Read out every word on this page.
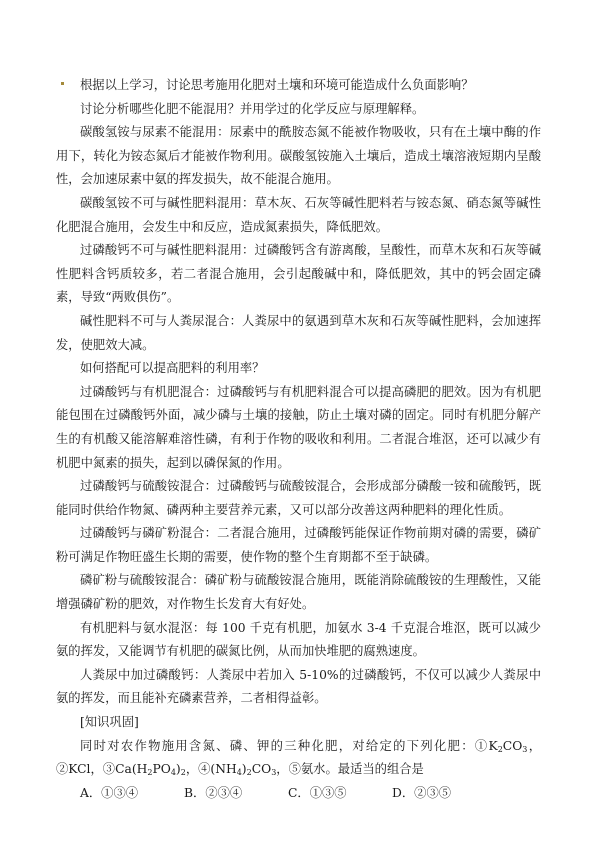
根据以上学习，讨论思考施用化肥对土壤和环境可能造成什么负面影响？

讨论分析哪些化肥不能混用？并用学过的化学反应与原理解释。

碳酸氢铵与尿素不能混用：尿素中的酰胺态氮不能被作物吸收，只有在土壤中酶的作用下，转化为铵态氮后才能被作物利用。碳酸氢铵施入土壤后，造成土壤溶液短期内呈酸性，会加速尿素中氨的挥发损失，故不能混合施用。

碳酸氢铵不可与碱性肥料混用：草木灰、石灰等碱性肥料若与铵态氮、硝态氮等碱性化肥混合施用，会发生中和反应，造成氮素损失，降低肥效。

过磷酸钙不可与碱性肥料混用：过磷酸钙含有游离酸，呈酸性，而草木灰和石灰等碱性肥料含钙质较多，若二者混合施用，会引起酸碱中和，降低肥效，其中的钙会固定磷素，导致“两败俱伤”。

碱性肥料不可与人粪尿混合：人粪尿中的氨遇到草木灰和石灰等碱性肥料，会加速挥发，使肥效大减。

如何搭配可以提高肥料的利用率？

过磷酸钙与有机肥混合：过磷酸钙与有机肥料混合可以提高磷肥的肥效。因为有机肥能包围在过磷酸钙外面，减少磷与土壤的接触，防止土壤对磷的固定。同时有机肥分解产生的有机酸又能溶解难溶性磷，有利于作物的吸收和利用。二者混合堆沤，还可以减少有机肥中氮素的损失，起到以磷保氮的作用。

过磷酸钙与硫酸铵混合：过磷酸钙与硫酸铵混合，会形成部分磷酸一铵和硫酸钙，既能同时供给作物氮、磷两种主要营养元素，又可以部分改善这两种肥料的理化性质。

过磷酸钙与磷矿粉混合：二者混合施用，过磷酸钙能保证作物前期对磷的需要，磷矿粉可满足作物旺盛生长期的需要，使作物的整个生育期都不至于缺磷。

磷矿粉与硫酸铵混合：磷矿粉与硫酸铵混合施用，既能消除硫酸铵的生理酸性，又能增强磷矿粉的肥效，对作物生长发育大有好处。

有机肥料与氨水混沤：每 100 千克有机肥，加氨水 3-4 千克混合堆沤，既可以减少氨的挥发，又能调节有机肥的碳氮比例，从而加快堆肥的腐熟速度。

人粪尿中加过磷酸钙：人粪尿中若加入 5-10%的过磷酸钙，不仅可以减少人粪尿中氨的挥发，而且能补充磷素营养，二者相得益彰。

[知识巩固]

同时对农作物施用含氮、磷、钾的三种化肥，对给定的下列化肥：$①K_2CO_3$，②KCl，$③Ca(H_2PO_4)_2$，$④(NH_4)_2CO_3$，⑤氨水。最适当的组合是

A．①③④	B．②③④	C．①③⑤	D．②③⑤
